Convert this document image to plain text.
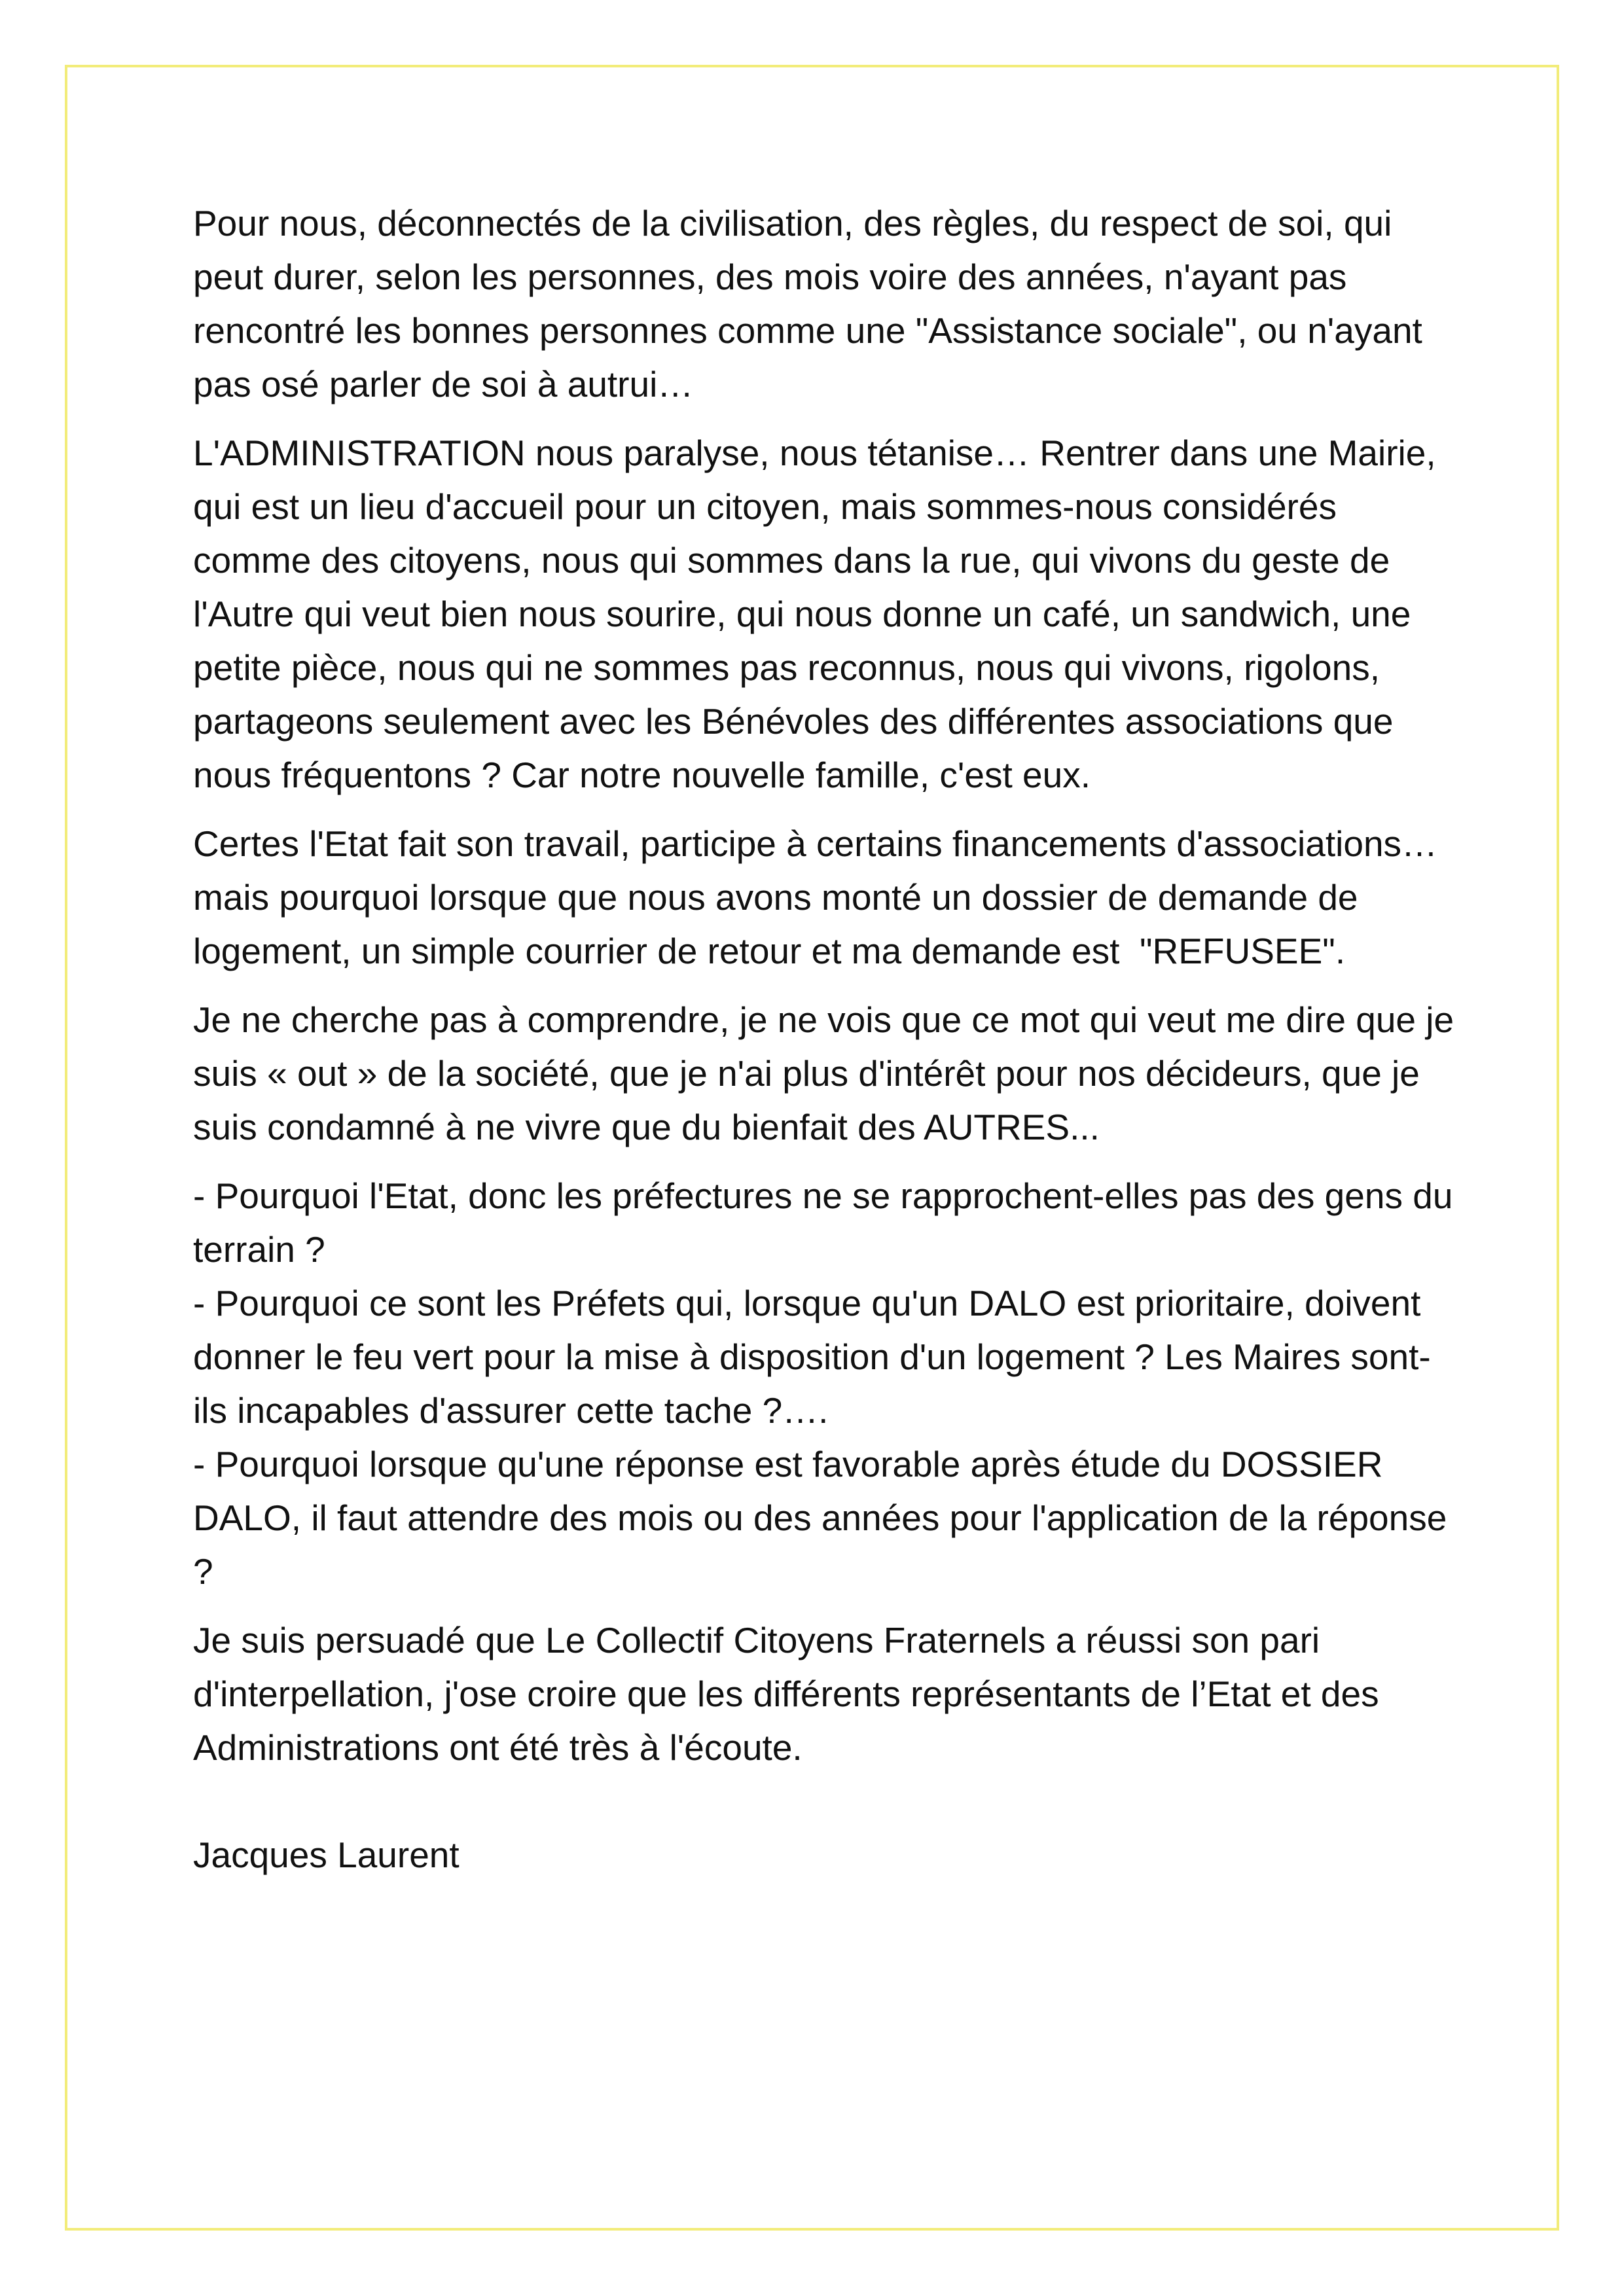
Pour nous, déconnectés de la civilisation, des règles, du respect de soi, qui peut durer, selon les personnes, des mois voire des années, n'ayant pas rencontré les bonnes personnes comme une "Assistance sociale", ou n'ayant pas osé parler de soi à autrui…

L'ADMINISTRATION nous paralyse, nous tétanise… Rentrer dans une Mairie, qui est un lieu d'accueil pour un citoyen, mais sommes-nous considérés comme des citoyens, nous qui sommes dans la rue, qui vivons du geste de l'Autre qui veut bien nous sourire, qui nous donne un café, un sandwich, une petite pièce, nous qui ne sommes pas reconnus, nous qui vivons, rigolons, partageons seulement avec les Bénévoles des différentes associations que nous fréquentons ? Car notre nouvelle famille, c'est eux.

Certes l'Etat fait son travail, participe à certains financements d'associations… mais pourquoi lorsque que nous avons monté un dossier de demande de logement, un simple courrier de retour et ma demande est  "REFUSEE".

Je ne cherche pas à comprendre, je ne vois que ce mot qui veut me dire que je suis « out » de la société, que je n'ai plus d'intérêt pour nos décideurs, que je suis condamné à ne vivre que du bienfait des AUTRES...

- Pourquoi l'Etat, donc les préfectures ne se rapprochent-elles pas des gens du terrain ?
- Pourquoi ce sont les Préfets qui, lorsque qu'un DALO est prioritaire, doivent donner le feu vert pour la mise à disposition d'un logement ? Les Maires sont-ils incapables d'assurer cette tache ?….
- Pourquoi lorsque qu'une réponse est favorable après étude du DOSSIER DALO, il faut attendre des mois ou des années pour l'application de la réponse ?

Je suis persuadé que Le Collectif Citoyens Fraternels a réussi son pari d'interpellation, j'ose croire que les différents représentants de l’Etat et des Administrations ont été très à l'écoute.

Jacques Laurent
